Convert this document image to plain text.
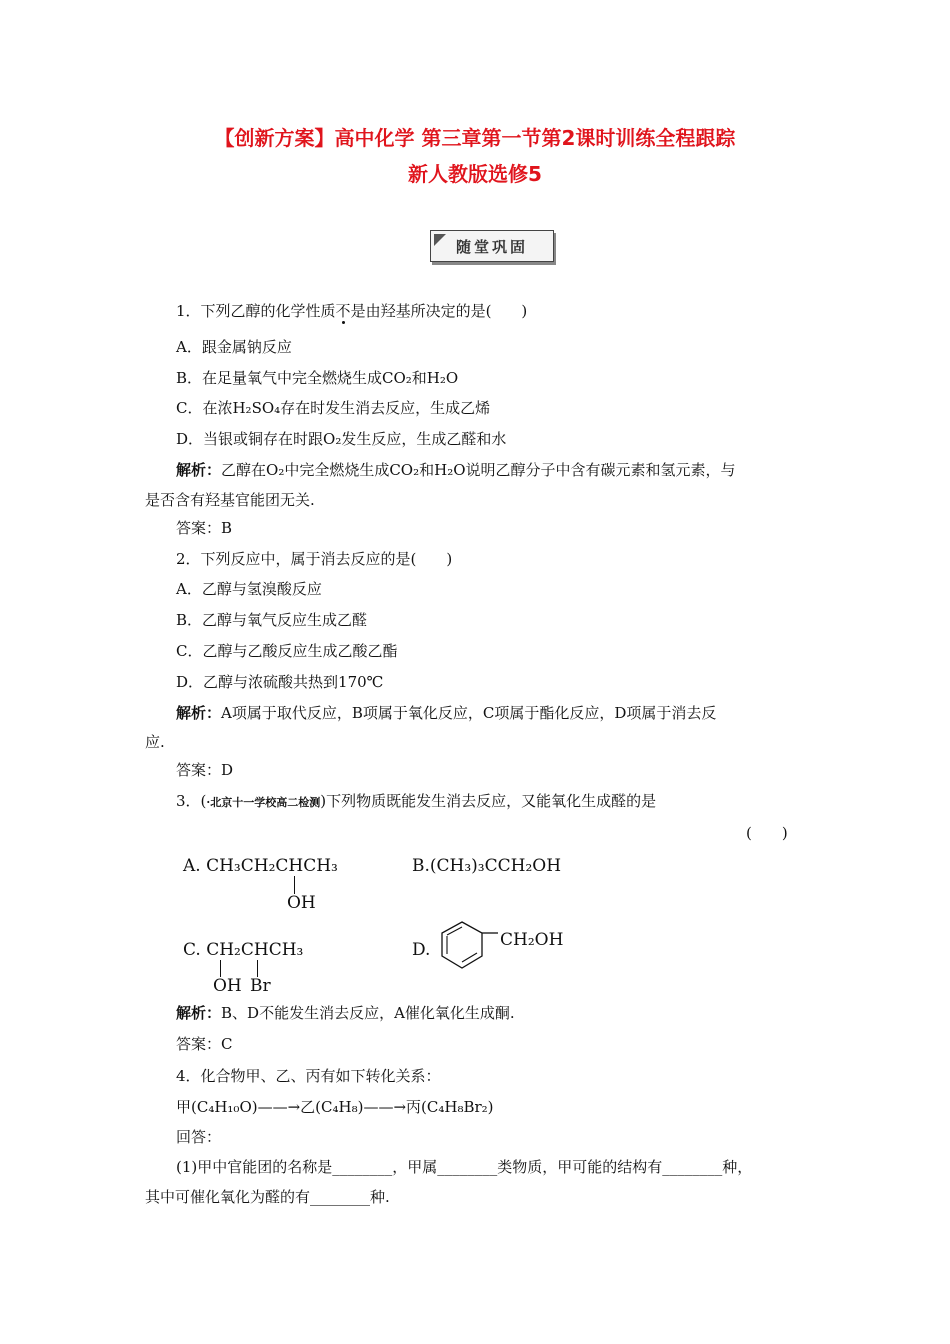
【创新方案】高中化学 第三章第一节第2课时训练全程跟踪
新人教版选修5
随堂巩固
1．下列乙醇的化学性质不是由羟基所决定的是(　　)
A．跟金属钠反应
B．在足量氧气中完全燃烧生成CO₂和H₂O
C．在浓H₂SO₄存在时发生消去反应，生成乙烯
D．当银或铜存在时跟O₂发生反应，生成乙醛和水
解析：乙醇在O₂中完全燃烧生成CO₂和H₂O说明乙醇分子中含有碳元素和氢元素，与
是否含有羟基官能团无关.
答案：B
2．下列反应中，属于消去反应的是(　　)
A．乙醇与氢溴酸反应
B．乙醇与氧气反应生成乙醛
C．乙醇与乙酸反应生成乙酸乙酯
D．乙醇与浓硫酸共热到170℃
解析：A项属于取代反应，B项属于氧化反应，C项属于酯化反应，D项属于消去反
应.
答案：D
3．(·北京十一学校高二检测)下列物质既能发生消去反应，又能氧化生成醛的是
(　　)
A. CH₃CH₂CHCH₃
OH
B.(CH₃)₃CCH₂OH
C. CH₂CHCH₃
OH Br
D.	CH₂OH
解析：B、D不能发生消去反应，A催化氧化生成酮.
答案：C
4．化合物甲、乙、丙有如下转化关系：
甲(C₄H₁₀O)——→乙(C₄H₈)——→丙(C₄H₈Br₂)
回答：
(1)甲中官能团的名称是________，甲属________类物质，甲可能的结构有________种，
其中可催化氧化为醛的有________种.
